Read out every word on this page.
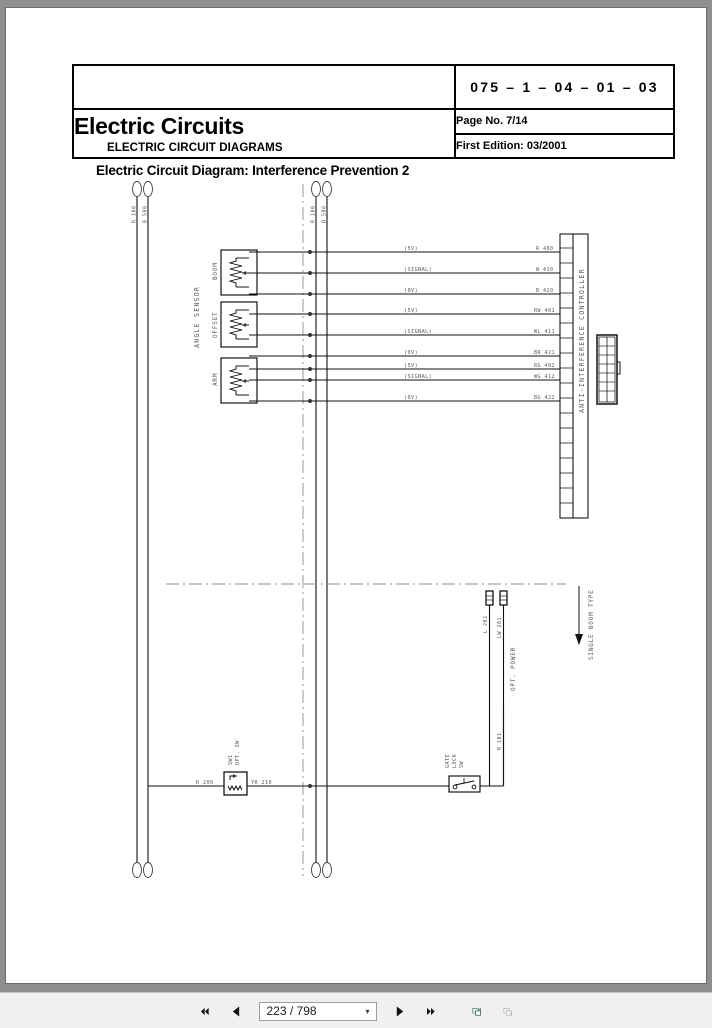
	075 – 1 – 04 – 01 – 03

Electric Circuits
ELECTRIC CIRCUIT DIAGRAMS	Page No. 7/14
	First Edition: 03/2001
Electric Circuit Diagram: Interference Prevention 2
R 100 B 500	R 100 B 500
ANGLE SENSOR
BOOM
OFFSET
ARM
(5V)	R 400
(SIGNAL)	W 410
(0V)	B 420
(5V)	RW 401
(SIGNAL)	WL 411
(0V)	BR 421
(5V)	RG 402
(SIGNAL)	WG 412
(0V)	BG 422	ANTI-INTERFERENCE CONTROLLER
SINGLE BOOM TYPE
L 202 LW 201
OPT. POWER
SW1 OPT. SW
R 200	YR 210
GATE LOCK SW
R 101
223 / 798	▾
